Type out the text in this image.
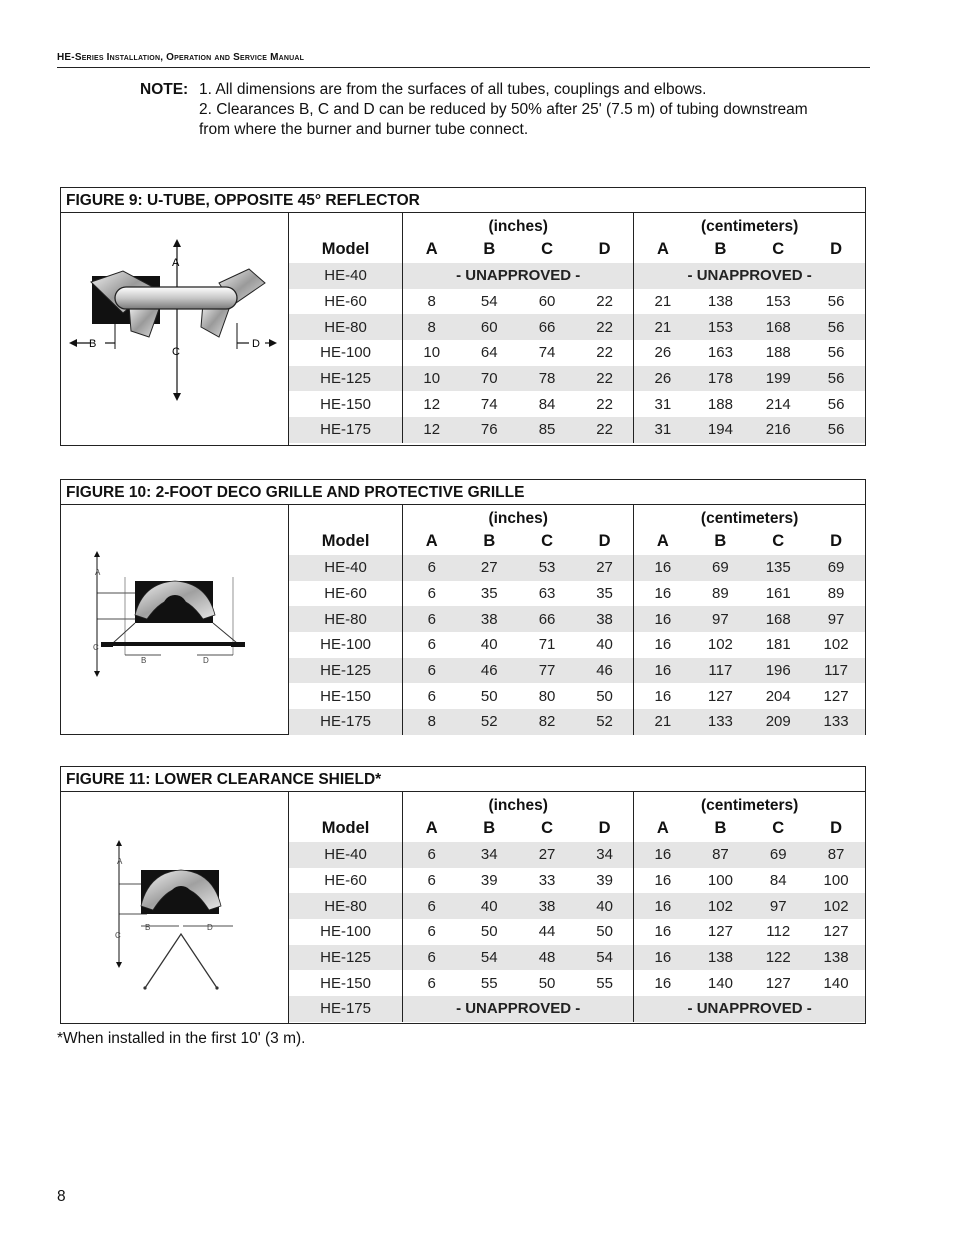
HE-Series Installation, Operation and Service Manual
NOTE: 1. All dimensions are from the surfaces of all tubes, couplings and elbows.
2. Clearances B, C and D can be reduced by 50% after 25' (7.5 m) of tubing downstream
from where the burner and burner tube connect.
FIGURE 9: U-TUBE, OPPOSITE 45° REFLECTOR
A
B
C
D
	(inches)				(centimeters)			
Model	A	B	C	D	A	B	C	D
HE-40	- UNAPPROVED -				- UNAPPROVED -			
HE-60	8	54	60	22	21	138	153	56
HE-80	8	60	66	22	21	153	168	56
HE-100	10	64	74	22	26	163	188	56
HE-125	10	70	78	22	26	178	199	56
HE-150	12	74	84	22	31	188	214	56
HE-175	12	76	85	22	31	194	216	56
FIGURE 10: 2-FOOT DECO GRILLE AND PROTECTIVE GRILLE
A
B
C
D
	(inches)				(centimeters)			
Model	A	B	C	D	A	B	C	D
HE-40	6	27	53	27	16	69	135	69
HE-60	6	35	63	35	16	89	161	89
HE-80	6	38	66	38	16	97	168	97
HE-100	6	40	71	40	16	102	181	102
HE-125	6	46	77	46	16	117	196	117
HE-150	6	50	80	50	16	127	204	127
HE-175	8	52	82	52	21	133	209	133
FIGURE 11: LOWER CLEARANCE SHIELD*
A
B
C
D
	(inches)				(centimeters)			
Model	A	B	C	D	A	B	C	D
HE-40	6	34	27	34	16	87	69	87
HE-60	6	39	33	39	16	100	84	100
HE-80	6	40	38	40	16	102	97	102
HE-100	6	50	44	50	16	127	112	127
HE-125	6	54	48	54	16	138	122	138
HE-150	6	55	50	55	16	140	127	140
HE-175	- UNAPPROVED -				- UNAPPROVED -			
*When installed in the first 10' (3 m).
8
